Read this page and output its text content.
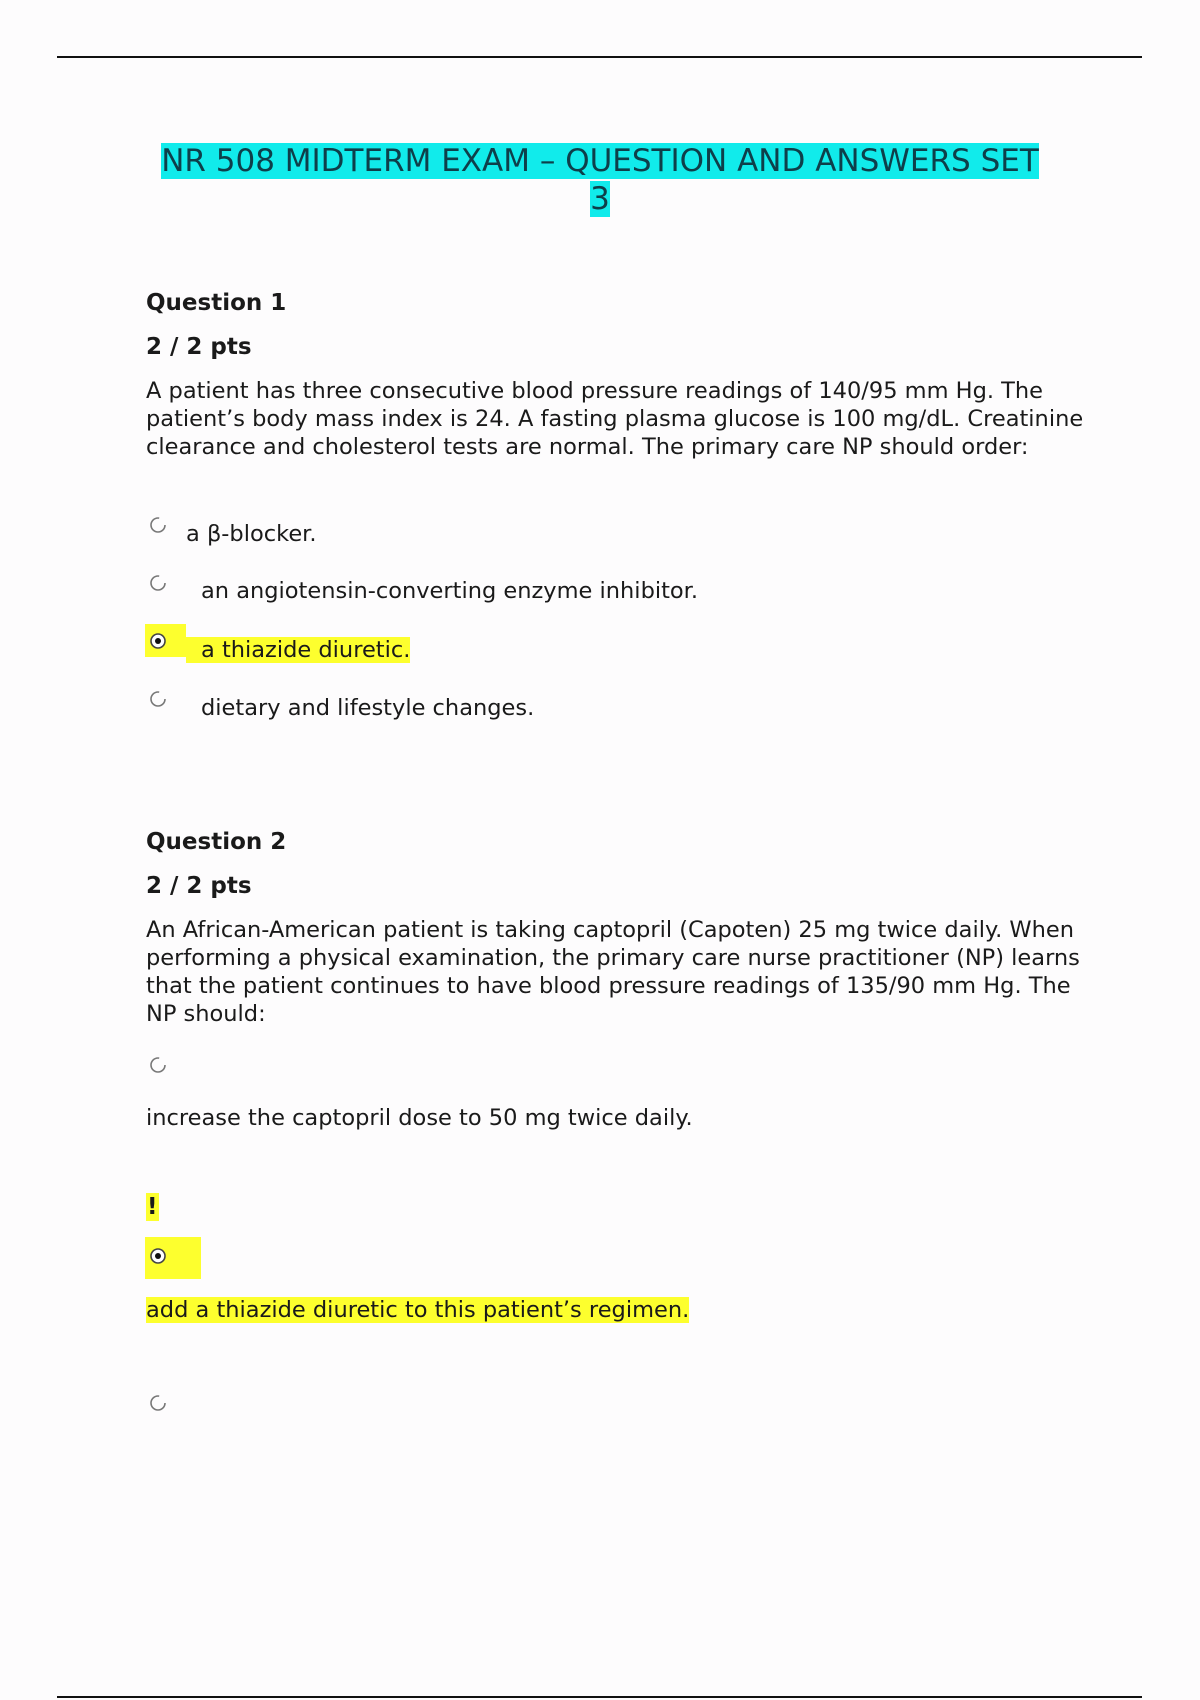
NR 508 MIDTERM EXAM – QUESTION AND ANSWERS SET
3
Question 1
2 / 2 pts
A patient has three consecutive blood pressure readings of 140/95 mm Hg. The patient’s body mass index is 24. A fasting plasma glucose is 100 mg/dL. Creatinine clearance and cholesterol tests are normal. The primary care NP should order:
a β-blocker.
an angiotensin-converting enzyme inhibitor.
a thiazide diuretic.
dietary and lifestyle changes.
Question 2
2 / 2 pts
An African-American patient is taking captopril (Capoten) 25 mg twice daily. When performing a physical examination, the primary care nurse practitioner (NP) learns that the patient continues to have blood pressure readings of 135/90 mm Hg. The NP should:
increase the captopril dose to 50 mg twice daily.
!
add a thiazide diuretic to this patient’s regimen.
